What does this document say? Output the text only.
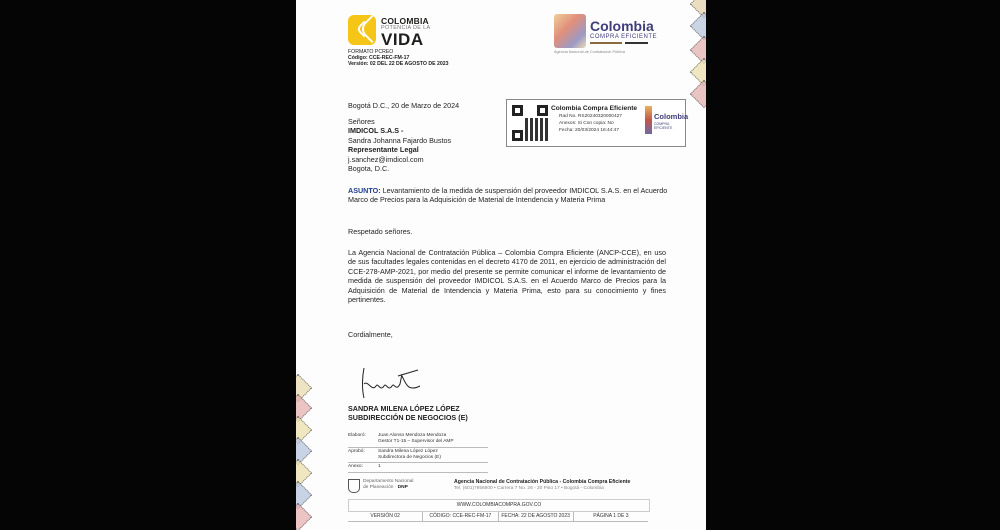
COLOMBIA
POTENCIA DE LA
VIDA
FORMATO PCREO
Código: CCE-REC-FM-17
Versión: 02 DEL 22 DE AGOSTO DE 2023
Colombia
COMPRA EFICIENTE
Agencia Nacional de Contratación Pública
Bogotá D.C., 20 de Marzo de 2024
Señores
IMDICOL S.A.S -
Sandra Johanna Fajardo Bustos
Representante Legal
j.sanchez@imdicol.com
Bogota, D.C.
Colombia Compra Eficiente
Rad No. RS20240320000427
Anexos: Si Con copia: No
Fecha: 20/03/2024 16:44:47
Colombia
COMPRA EFICIENTE
ASUNTO: Levantamiento de la medida de suspensión del proveedor IMDICOL S.A.S. en el Acuerdo Marco de Precios para la Adquisición de Material de Intendencia y Materia Prima
Respetado señores.
La Agencia Nacional de Contratación Pública – Colombia Compra Eficiente (ANCP-CCE), en uso de sus facultades legales contenidas en el decreto 4170 de 2011, en ejercicio de administración del CCE-278-AMP-2021, por medio del presente se permite comunicar el informe de levantamiento de medida de suspensión del proveedor IMDICOL S.A.S. en el Acuerdo Marco de Precios para la Adquisición de Material de Intendencia y Materia Prima, esto para su conocimiento y fines pertinentes.
Cordialmente,
SANDRA MILENA LÓPEZ LÓPEZ
SUBDIRECCIÓN DE NEGOCIOS (E)
Elaboró:	Juan Alonso Mendoza Mendoza
Gestor T1-15 – Supervisor del AMP
Aprobó:	Sandra Milena López López
Subdirectora de Negocios (E)
Anexo:	1
Departamento Nacional
de Planeación · DNP
Agencia Nacional de Contratación Pública - Colombia Compra Eficiente
Tel. (601)7956600 • Carrera 7 No. 26 - 20 Piso 17 • Bogotá - Colombia
WWW.COLOMBIACOMPRA.GOV.CO
VERSIÓN 02	CÓDIGO: CCE-REC-FM-17	FECHA: 22 DE AGOSTO 2023	PÁGINA 1 DE 3
